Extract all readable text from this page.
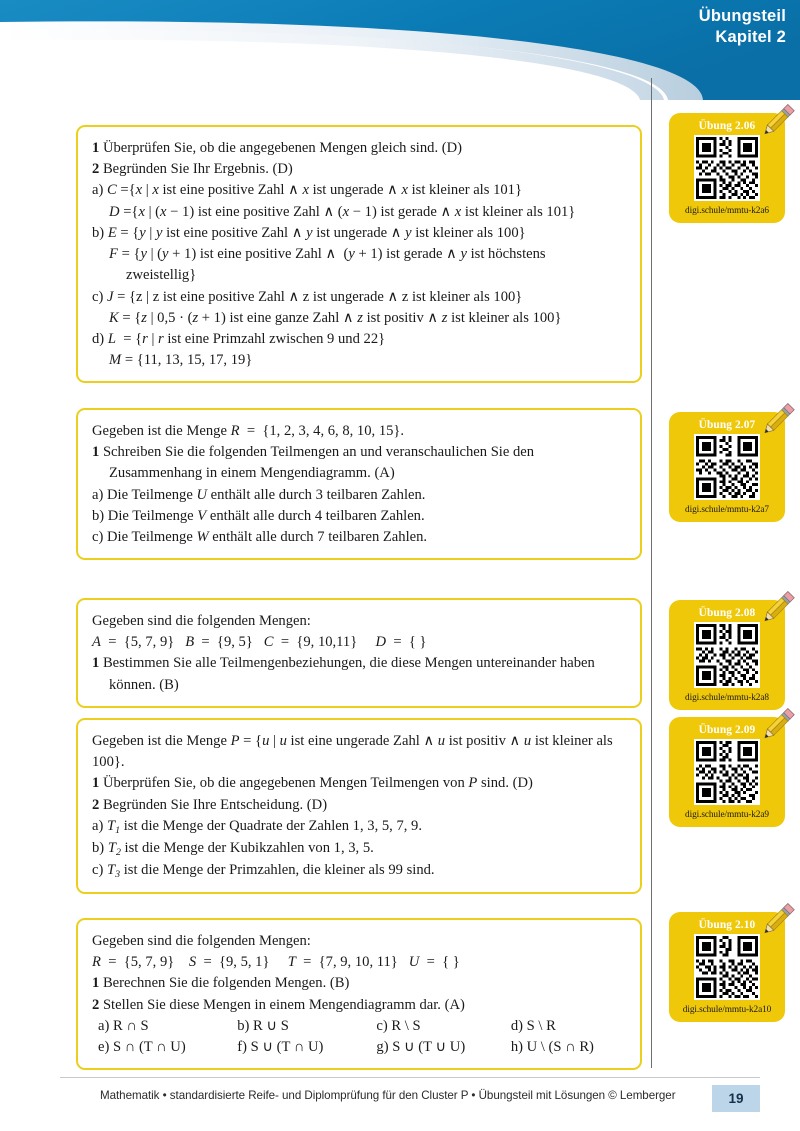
Übungsteil
Kapitel 2
1 Überprüfen Sie, ob die angegebenen Mengen gleich sind. (D)
2 Begründen Sie Ihr Ergebnis. (D)
a) C ={x | x ist eine positive Zahl ∧ x ist ungerade ∧ x ist kleiner als 101}
D ={x | (x − 1) ist eine positive Zahl ∧ (x − 1) ist gerade ∧ x ist kleiner als 101}
b) E = {y | y ist eine positive Zahl ∧ y ist ungerade ∧ y ist kleiner als 100}
F = {y | (y + 1) ist eine positive Zahl ∧  (y + 1) ist gerade ∧ y ist höchstens
zweistellig}
c) J = {z | z ist eine positive Zahl ∧ z ist ungerade ∧ z ist kleiner als 100}
K = {z | 0,5 · (z + 1) ist eine ganze Zahl ∧ z ist positiv ∧ z ist kleiner als 100}
d) L  = {r | r ist eine Primzahl zwischen 9 und 22}
M = {11, 13, 15, 17, 19}
Gegeben ist die Menge R  =  {1, 2, 3, 4, 6, 8, 10, 15}.
1 Schreiben Sie die folgenden Teilmengen an und veranschaulichen Sie den Zusammenhang in einem Mengendiagramm. (A)
a) Die Teilmenge U enthält alle durch 3 teilbaren Zahlen.
b) Die Teilmenge V enthält alle durch 4 teilbaren Zahlen.
c) Die Teilmenge W enthält alle durch 7 teilbaren Zahlen.
Gegeben sind die folgenden Mengen:
A  =  {5, 7, 9}   B  =  {9, 5}   C  =  {9, 10,11}     D  =  { }
1 Bestimmen Sie alle Teilmengenbeziehungen, die diese Mengen untereinander haben können. (B)
Gegeben ist die Menge P = {u | u ist eine ungerade Zahl ∧ u ist positiv ∧ u ist kleiner als 100}.
1 Überprüfen Sie, ob die angegebenen Mengen Teilmengen von P sind. (D)
2 Begründen Sie Ihre Entscheidung. (D)
a) $T_1$ ist die Menge der Quadrate der Zahlen 1, 3, 5, 7, 9.
b) $T_2$ ist die Menge der Kubikzahlen von 1, 3, 5.
c) $T_3$ ist die Menge der Primzahlen, die kleiner als 99 sind.
Gegeben sind die folgenden Mengen:
R  =  {5, 7, 9}    S  =  {9, 5, 1}     T  =  {7, 9, 10, 11}   U  =  { }
1 Berechnen Sie die folgenden Mengen. (B)
2 Stellen Sie diese Mengen in einem Mengendiagramm dar. (A)
a) R ∩ S	b) R ∪ S	c) R \ S	d) S \ R
e) S ∩ (T ∩ U)	f) S ∪ (T ∩ U)	g) S ∪ (T ∪ U)	h) U \ (S ∩ R)
Übung 2.06
digi.schule/mmtu-k2a6
Übung 2.07
digi.schule/mmtu-k2a7
Übung 2.08
digi.schule/mmtu-k2a8
Übung 2.09
digi.schule/mmtu-k2a9
Übung 2.10
digi.schule/mmtu-k2a10
Mathematik • standardisierte Reife- und Diplomprüfung für den Cluster P • Übungsteil mit Lösungen © Lemberger	19
